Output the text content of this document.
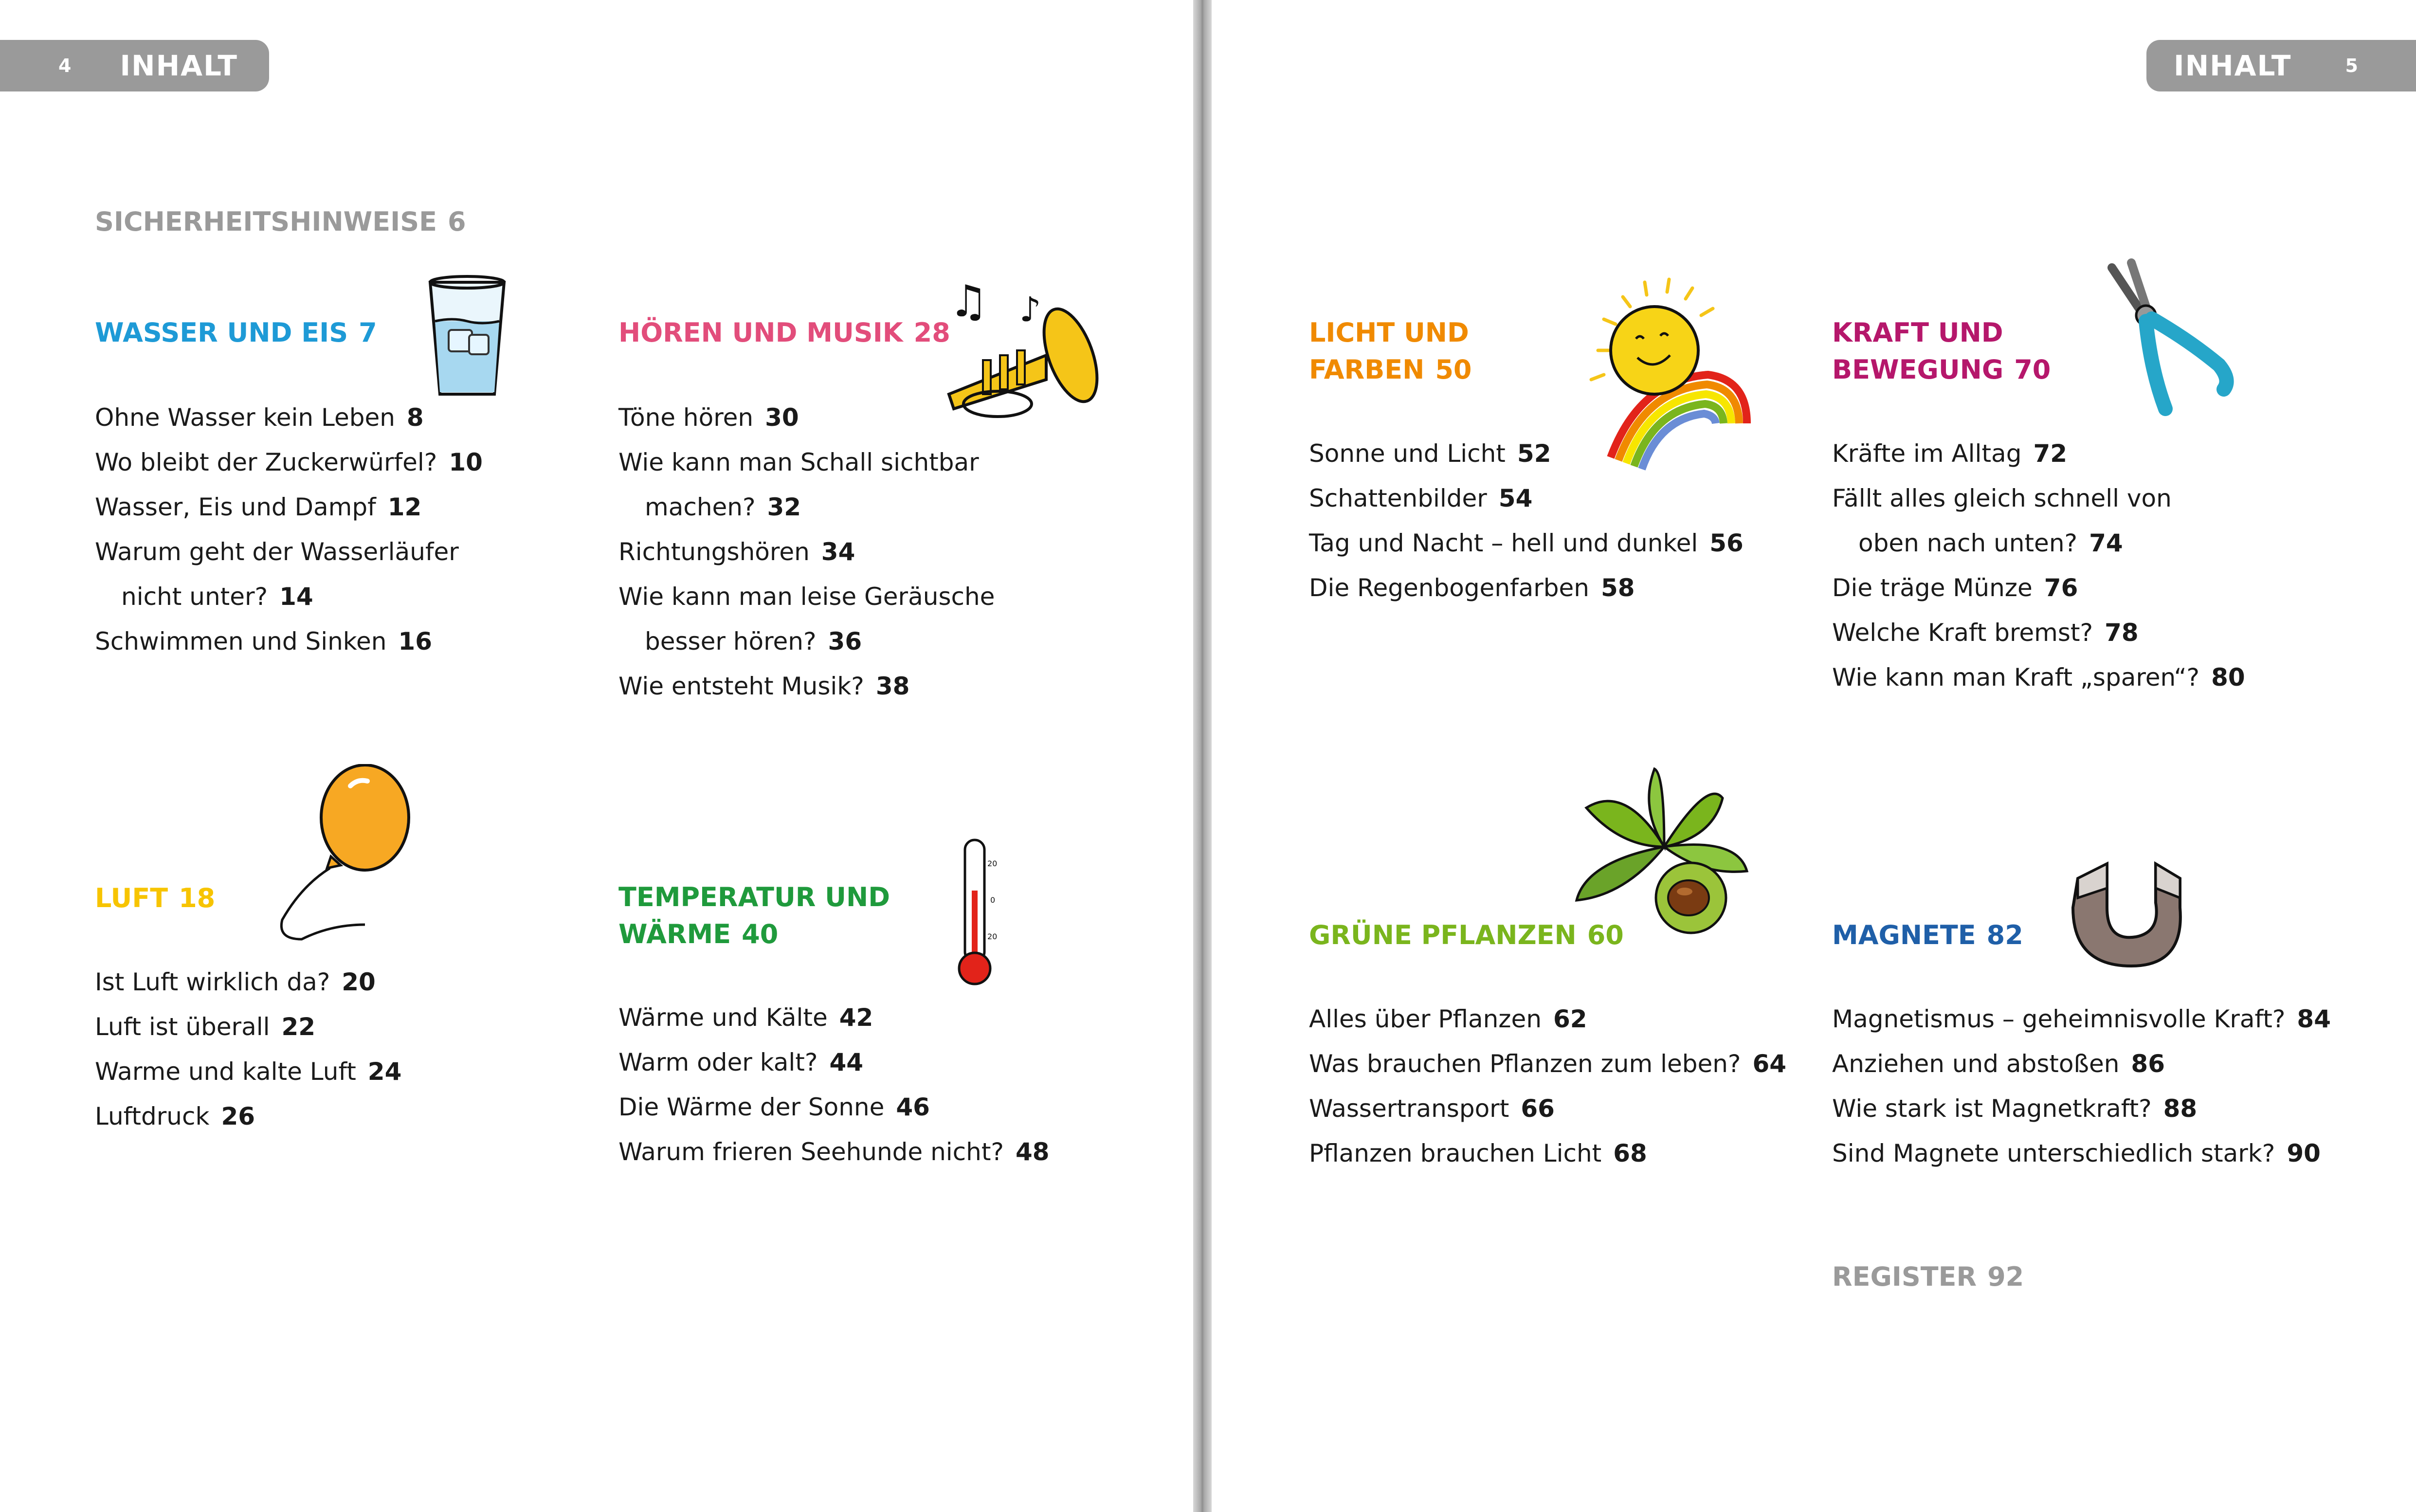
4 INHALT
SICHERHEITSHINWEISE 6
WASSER UND EIS 7
Ohne Wasser kein Leben 8
Wo bleibt der Zuckerwürfel? 10
Wasser, Eis und Dampf 12
Warum geht der Wasserläufer
nicht unter? 14
Schwimmen und Sinken 16
HÖREN UND MUSIK 28
Töne hören 30
Wie kann man Schall sichtbar
machen? 32
Richtungshören 34
Wie kann man leise Geräusche
besser hören? 36
Wie entsteht Musik? 38
LUFT 18
Ist Luft wirklich da? 20
Luft ist überall 22
Warme und kalte Luft 24
Luftdruck 26
TEMPERATUR UND
WÄRME 40
Wärme und Kälte 42
Warm oder kalt? 44
Die Wärme der Sonne 46
Warum frieren Seehunde nicht? 48
♫ ♪
20
0
20
INHALT	5
LICHT UND
FARBEN 50
Sonne und Licht 52
Schattenbilder 54
Tag und Nacht – hell und dunkel 56
Die Regenbogenfarben 58
KRAFT UND
BEWEGUNG 70
Kräfte im Alltag 72
Fällt alles gleich schnell von
oben nach unten? 74
Die träge Münze 76
Welche Kraft bremst? 78
Wie kann man Kraft „sparen“? 80
GRÜNE PFLANZEN 60
Alles über Pflanzen 62
Was brauchen Pflanzen zum leben? 64
Wassertransport 66
Pflanzen brauchen Licht 68
MAGNETE 82
Magnetismus – geheimnisvolle Kraft? 84
Anziehen und abstoßen 86
Wie stark ist Magnetkraft? 88
Sind Magnete unterschiedlich stark? 90
REGISTER 92
